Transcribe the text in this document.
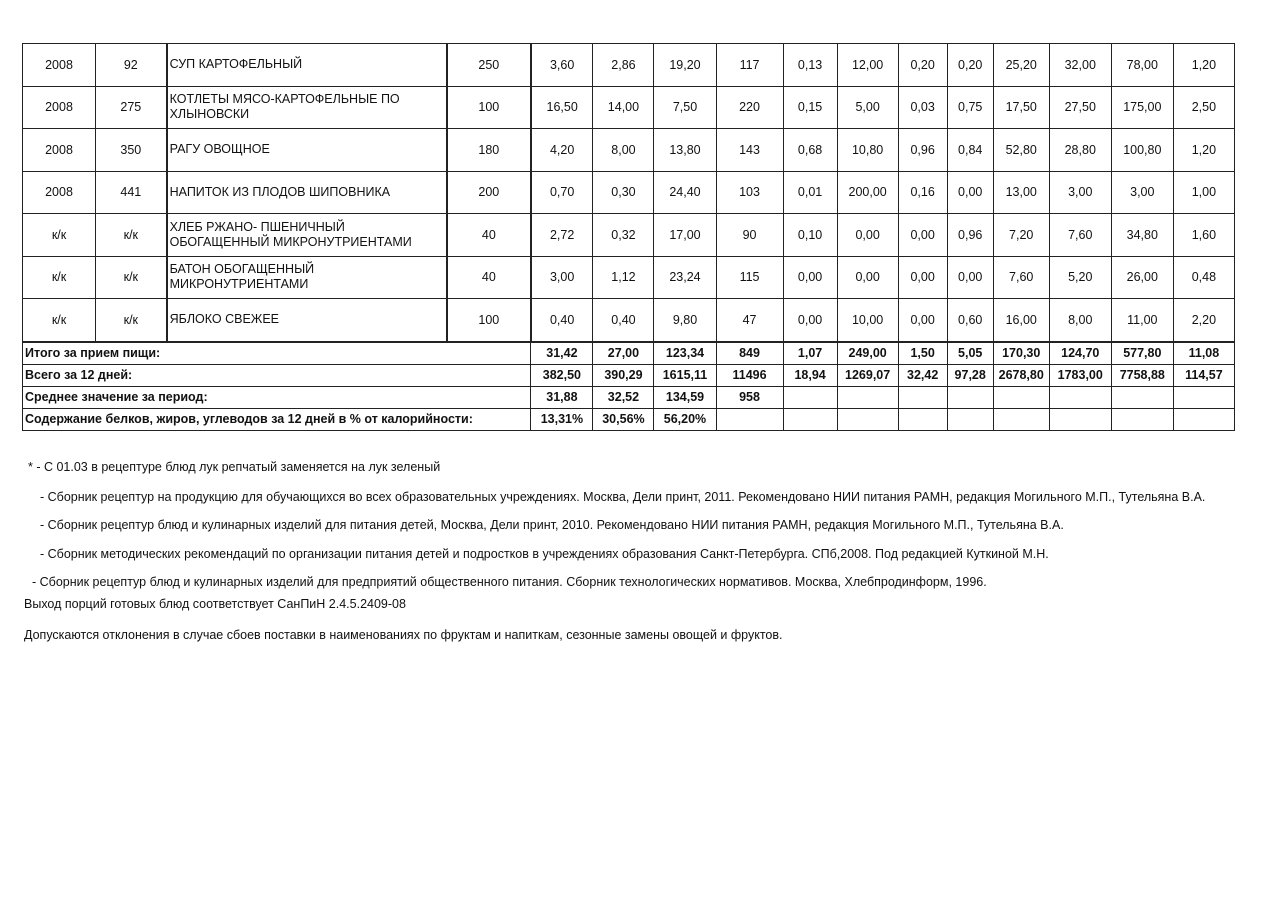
2008	92	СУП КАРТОФЕЛЬНЫЙ	250	3,60	2,86	19,20	117	0,13	12,00	0,20	0,20	25,20	32,00	78,00	1,20
2008	275	КОТЛЕТЫ МЯСО-КАРТОФЕЛЬНЫЕ ПО ХЛЫНОВСКИ	100	16,50	14,00	7,50	220	0,15	5,00	0,03	0,75	17,50	27,50	175,00	2,50
2008	350	РАГУ ОВОЩНОЕ	180	4,20	8,00	13,80	143	0,68	10,80	0,96	0,84	52,80	28,80	100,80	1,20
2008	441	НАПИТОК ИЗ ПЛОДОВ ШИПОВНИКА	200	0,70	0,30	24,40	103	0,01	200,00	0,16	0,00	13,00	3,00	3,00	1,00
к/к	к/к	ХЛЕБ РЖАНО- ПШЕНИЧНЫЙ ОБОГАЩЕННЫЙ МИКРОНУТРИЕНТАМИ	40	2,72	0,32	17,00	90	0,10	0,00	0,00	0,96	7,20	7,60	34,80	1,60
к/к	к/к	БАТОН ОБОГАЩЕННЫЙ МИКРОНУТРИЕНТАМИ	40	3,00	1,12	23,24	115	0,00	0,00	0,00	0,00	7,60	5,20	26,00	0,48
к/к	к/к	ЯБЛОКО СВЕЖЕЕ	100	0,40	0,40	9,80	47	0,00	10,00	0,00	0,60	16,00	8,00	11,00	2,20
Итого за прием пищи:				31,42	27,00	123,34	849	1,07	249,00	1,50	5,05	170,30	124,70	577,80	11,08
Всего за 12 дней:				382,50	390,29	1615,11	11496	18,94	1269,07	32,42	97,28	2678,80	1783,00	7758,88	114,57
Среднее значение за период:				31,88	32,52	134,59	958								
Содержание белков, жиров, углеводов за 12 дней в % от калорийности:				13,31%	30,56%	56,20%									
* - С 01.03 в рецептуре блюд лук репчатый заменяется на лук зеленый
- Сборник рецептур на продукцию для обучающихся во всех образовательных учреждениях. Москва, Дели принт, 2011. Рекомендовано НИИ питания РАМН, редакция Могильного М.П., Тутельяна В.А.
- Сборник рецептур блюд и кулинарных изделий для питания детей, Москва, Дели принт, 2010. Рекомендовано НИИ питания РАМН, редакция Могильного М.П., Тутельяна В.А.
- Сборник методических рекомендаций по организации питания детей и подростков в учреждениях образования Санкт-Петербурга. СПб,2008. Под редакцией Куткиной М.Н.
- Сборник рецептур блюд и кулинарных изделий для предприятий общественного питания. Сборник технологических нормативов. Москва, Хлебпродинформ, 1996.
Выход порций готовых блюд соответствует СанПиН 2.4.5.2409-08
Допускаются отклонения в случае сбоев поставки в наименованиях по фруктам и напиткам, сезонные замены овощей и фруктов.
